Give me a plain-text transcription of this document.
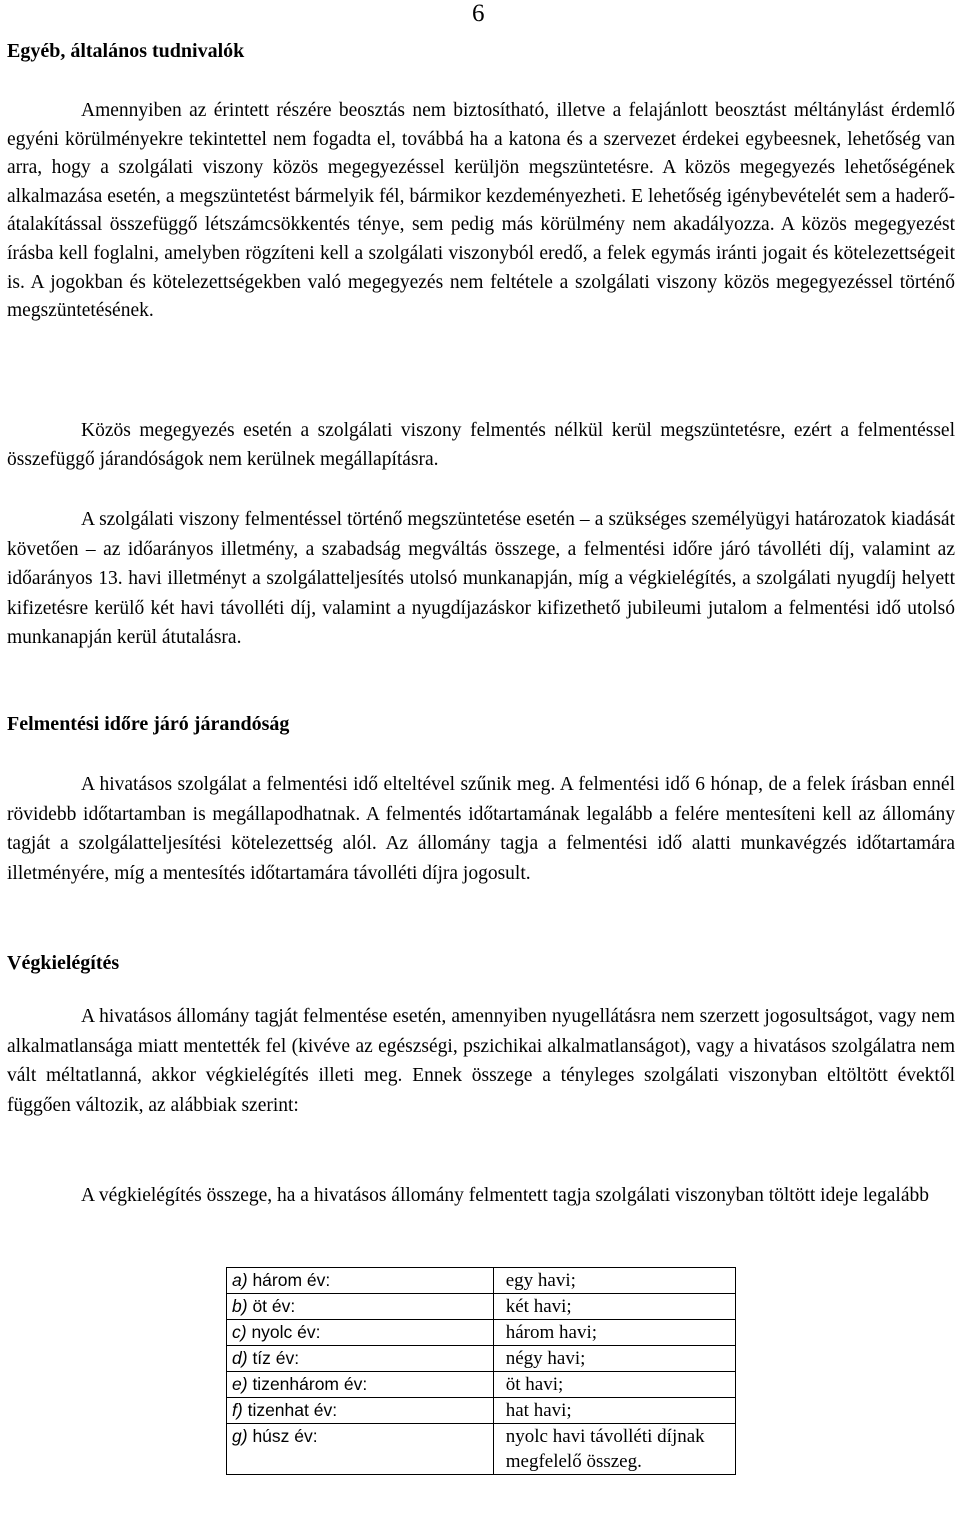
6
Egyéb, általános tudnivalók

Amennyiben az érintett részére beosztás nem biztosítható, illetve a felajánlott beosztást méltánylást érdemlő egyéni körülményekre tekintettel nem fogadta el, továbbá ha a katona és a szervezet érdekei egybeesnek, lehetőség van arra, hogy a szolgálati viszony közös megegyezéssel kerüljön megszüntetésre. A közös megegyezés lehetőségének alkalmazása esetén, a megszüntetést bármelyik fél, bármikor kezdeményezheti. E lehetőség igénybevételét sem a haderő-átalakítással összefüggő létszámcsökkentés ténye, sem pedig más körülmény nem akadályozza. A közös megegyezést írásba kell foglalni, amelyben rögzíteni kell a szolgálati viszonyból eredő, a felek egymás iránti jogait és kötelezettségeit is. A jogokban és kötelezettségekben való megegyezés nem feltétele a szolgálati viszony közös megegyezéssel történő megszüntetésének.

Közös megegyezés esetén a szolgálati viszony felmentés nélkül kerül megszüntetésre, ezért a felmentéssel összefüggő járandóságok nem kerülnek megállapításra.

A szolgálati viszony felmentéssel történő megszüntetése esetén – a szükséges személyügyi határozatok kiadását követően – az időarányos illetmény, a szabadság megváltás összege, a felmentési időre járó távolléti díj, valamint az időarányos 13. havi illetményt a szolgálatteljesítés utolsó munkanapján, míg a végkielégítés, a szolgálati nyugdíj helyett kifizetésre kerülő két havi távolléti díj, valamint a nyugdíjazáskor kifizethető jubileumi jutalom a felmentési idő utolsó munkanapján kerül átutalásra.

Felmentési időre járó járandóság

A hivatásos szolgálat a felmentési idő elteltével szűnik meg. A felmentési idő 6 hónap, de a felek írásban ennél rövidebb időtartamban is megállapodhatnak. A felmentés időtartamának legalább a felére mentesíteni kell az állomány tagját a szolgálatteljesítési kötelezettség alól. Az állomány tagja a felmentési idő alatti munkavégzés időtartamára illetményére, míg a mentesítés időtartamára távolléti díjra jogosult.

Végkielégítés

A hivatásos állomány tagját felmentése esetén, amennyiben nyugellátásra nem szerzett jogosultságot, vagy nem alkalmatlansága miatt mentették fel (kivéve az egészségi, pszichikai alkalmatlanságot), vagy a hivatásos szolgálatra nem vált méltatlanná, akkor végkielégítés illeti meg. Ennek összege a tényleges szolgálati viszonyban eltöltött évektől függően változik, az alábbiak szerint:

A végkielégítés összege, ha a hivatásos állomány felmentett tagja szolgálati viszonyban töltött ideje legalább

a) három év:	egy havi;
b) öt év:	két havi;
c) nyolc év:	három havi;
d) tíz év:	négy havi;
e) tizenhárom év:	öt havi;
f) tizenhat év:	hat havi;
g) húsz év:	nyolc havi távolléti díjnak megfelelő összeg.
